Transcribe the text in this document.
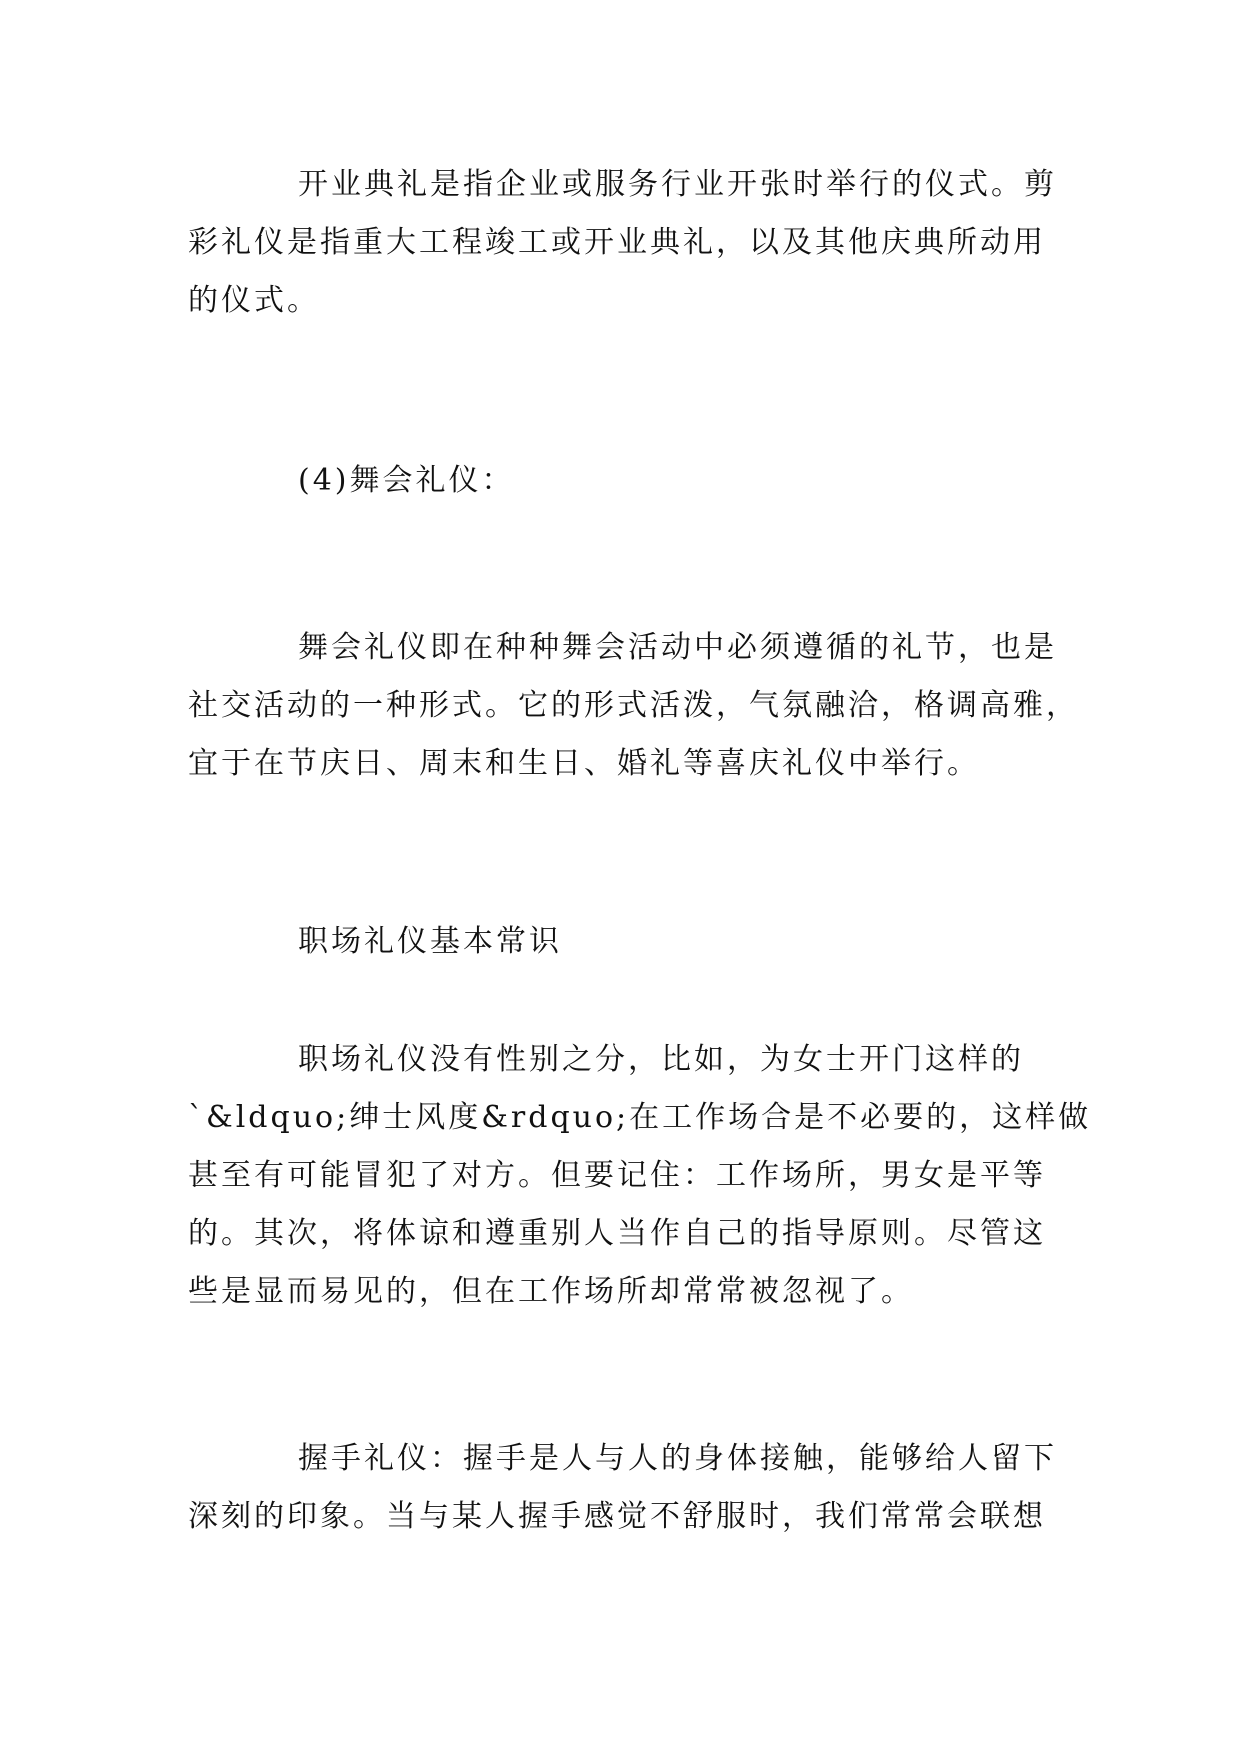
开业典礼是指企业或服务行业开张时举行的仪式。剪
彩礼仪是指重大工程竣工或开业典礼，以及其他庆典所动用
的仪式。
(4)舞会礼仪：
舞会礼仪即在种种舞会活动中必须遵循的礼节，也是
社交活动的一种形式。它的形式活泼，气氛融洽，格调高雅，
宜于在节庆日、周末和生日、婚礼等喜庆礼仪中举行。
职场礼仪基本常识
职场礼仪没有性别之分，比如，为女士开门这样的
`&ldquo;绅士风度&rdquo;在工作场合是不必要的，这样做
甚至有可能冒犯了对方。但要记住：工作场所，男女是平等
的。其次，将体谅和遵重别人当作自己的指导原则。尽管这
些是显而易见的，但在工作场所却常常被忽视了。
握手礼仪：握手是人与人的身体接触，能够给人留下
深刻的印象。当与某人握手感觉不舒服时，我们常常会联想
